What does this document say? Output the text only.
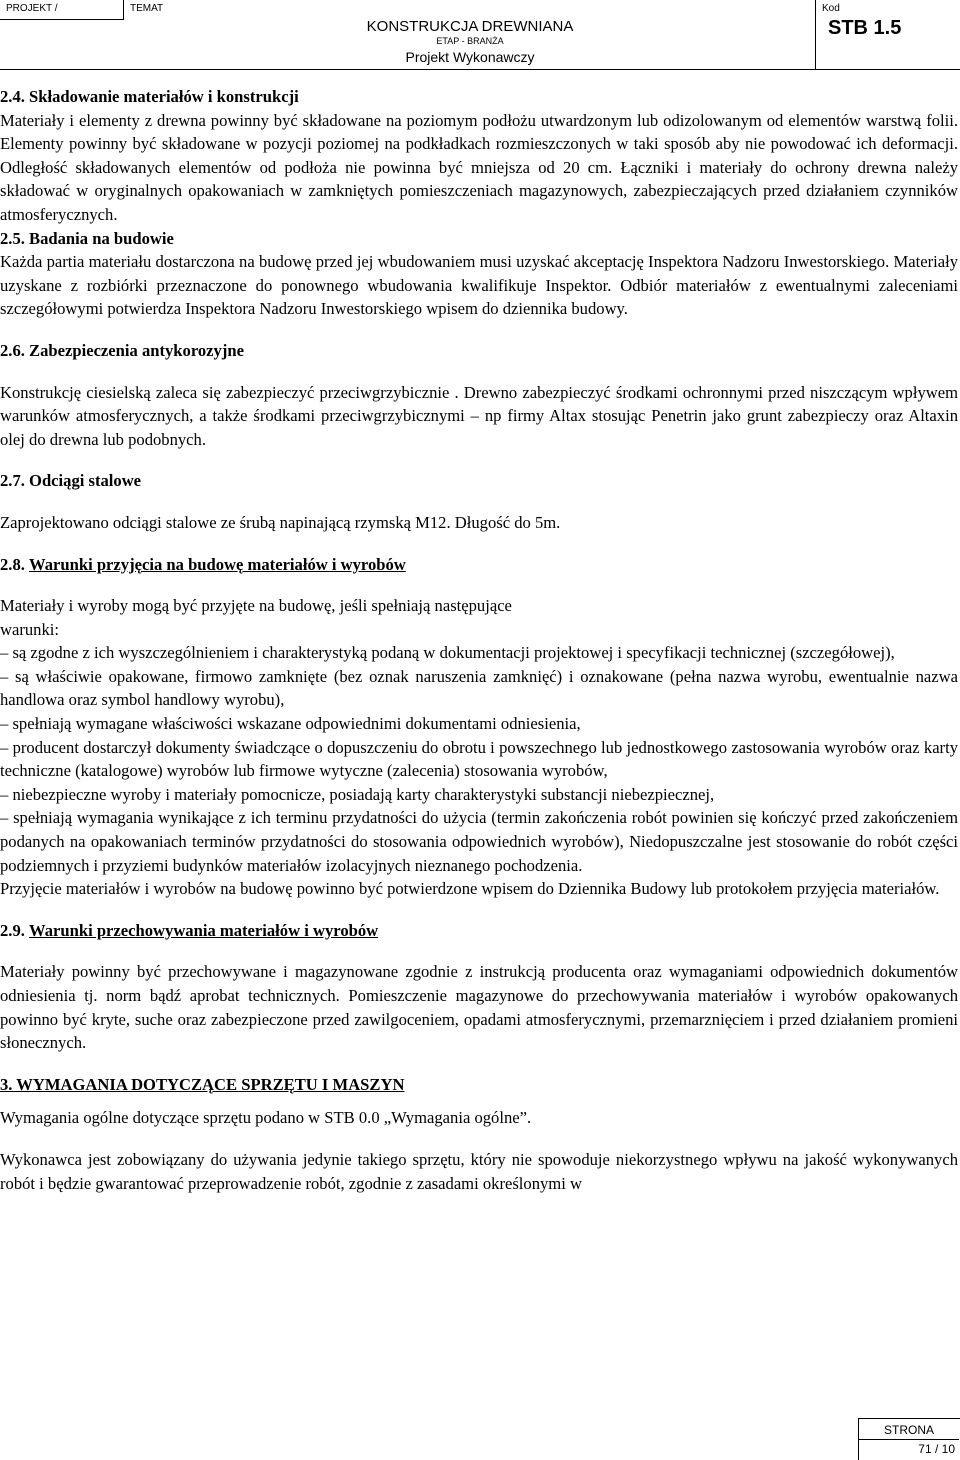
PROJEKT /	TEMAT
KONSTRUKCJA DREWNIANA
ETAP - BRANŻA
Projekt Wykonawczy
Kod
STB 1.5

2.4. Składowanie materiałów i konstrukcji

Materiały i elementy z drewna powinny być składowane na poziomym podłożu utwardzonym lub odizolowanym od elementów warstwą folii. Elementy powinny być składowane w pozycji poziomej na podkładkach rozmieszczonych w taki sposób aby nie powodować ich deformacji. Odległość składowanych elementów od podłoża nie powinna być mniejsza od 20 cm. Łączniki i materiały do ochrony drewna należy składować w oryginalnych opakowaniach w zamkniętych pomieszczeniach magazynowych, zabezpieczających przed działaniem czynników atmosferycznych.

2.5. Badania na budowie

Każda partia materiału dostarczona na budowę przed jej wbudowaniem musi uzyskać akceptację Inspektora Nadzoru Inwestorskiego. Materiały uzyskane z rozbiórki przeznaczone do ponownego wbudowania kwalifikuje Inspektor. Odbiór materiałów z ewentualnymi zaleceniami szczegółowymi potwierdza Inspektora Nadzoru Inwestorskiego wpisem do dziennika budowy.

2.6. Zabezpieczenia antykorozyjne

Konstrukcję ciesielską zaleca się zabezpieczyć przeciwgrzybicznie . Drewno zabezpieczyć środkami ochronnymi przed niszczącym wpływem warunków atmosferycznych, a także środkami przeciwgrzybicznymi – np firmy Altax stosując Penetrin jako grunt zabezpieczy oraz Altaxin olej do drewna lub podobnych.

2.7. Odciągi stalowe

Zaprojektowano odciągi stalowe ze śrubą napinającą rzymską M12. Długość do 5m.

2.8. Warunki przyjęcia na budowę materiałów i wyrobów

Materiały i wyroby mogą być przyjęte na budowę, jeśli spełniają następujące

warunki:

– są zgodne z ich wyszczególnieniem i charakterystyką podaną w dokumentacji projektowej i specyfikacji technicznej (szczegółowej),

– są właściwie opakowane, firmowo zamknięte (bez oznak naruszenia zamknięć) i oznakowane (pełna nazwa wyrobu, ewentualnie nazwa handlowa oraz symbol handlowy wyrobu),

– spełniają wymagane właściwości wskazane odpowiednimi dokumentami odniesienia,

– producent dostarczył dokumenty świadczące o dopuszczeniu do obrotu i powszechnego lub jednostkowego zastosowania wyrobów oraz karty techniczne (katalogowe) wyrobów lub firmowe wytyczne (zalecenia) stosowania wyrobów,

– niebezpieczne wyroby i materiały pomocnicze, posiadają karty charakterystyki substancji niebezpiecznej,

– spełniają wymagania wynikające z ich terminu przydatności do użycia (termin zakończenia robót powinien się kończyć przed zakończeniem podanych na opakowaniach terminów przydatności do stosowania odpowiednich wyrobów), Niedopuszczalne jest stosowanie do robót części podziemnych i przyziemi budynków materiałów izolacyjnych nieznanego pochodzenia.

Przyjęcie materiałów i wyrobów na budowę powinno być potwierdzone wpisem do Dziennika Budowy lub protokołem przyjęcia materiałów.

2.9. Warunki przechowywania materiałów i wyrobów

Materiały powinny być przechowywane i magazynowane zgodnie z instrukcją producenta oraz wymaganiami odpowiednich dokumentów odniesienia tj. norm bądź aprobat technicznych. Pomieszczenie magazynowe do przechowywania materiałów i wyrobów opakowanych powinno być kryte, suche oraz zabezpieczone przed zawilgoceniem, opadami atmosferycznymi, przemarznięciem i przed działaniem promieni słonecznych.

3. WYMAGANIA DOTYCZĄCE SPRZĘTU I MASZYN

Wymagania ogólne dotyczące sprzętu podano w STB 0.0 „Wymagania ogólne”.

Wykonawca jest zobowiązany do używania jedynie takiego sprzętu, który nie spowoduje niekorzystnego wpływu na jakość wykonywanych robót i będzie gwarantować przeprowadzenie robót, zgodnie z zasadami określonymi w

STRONA
71 / 10
